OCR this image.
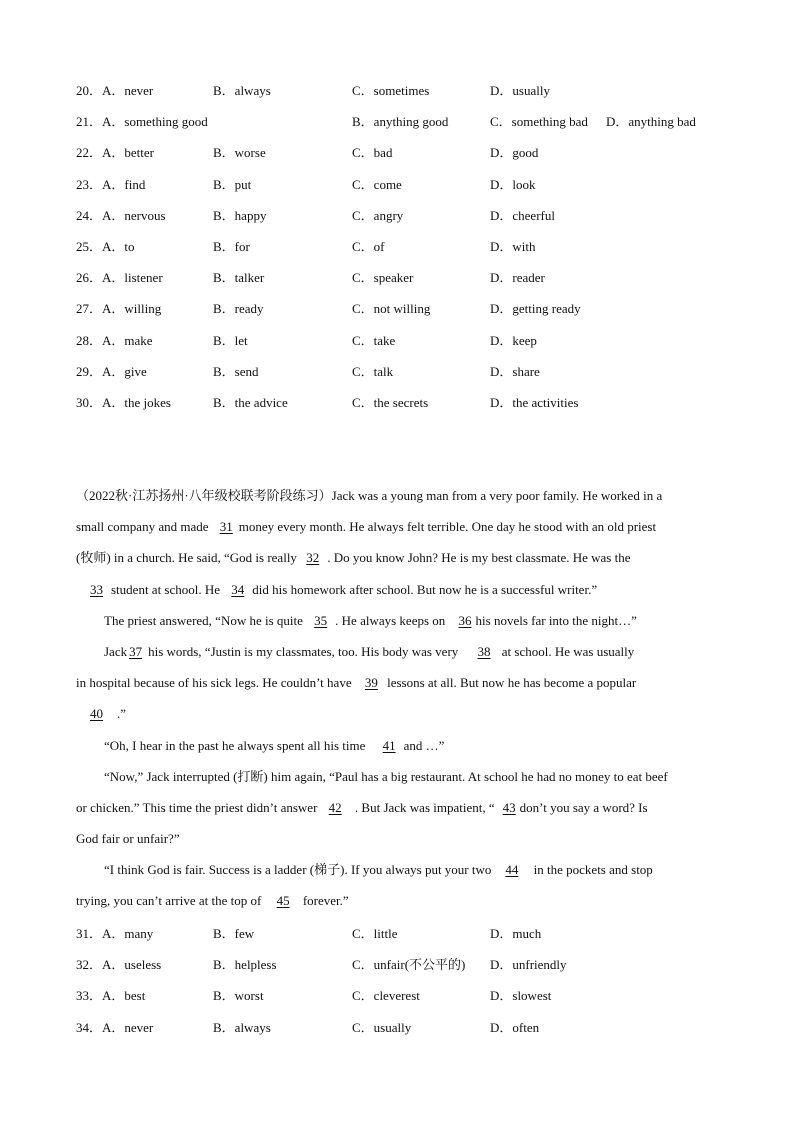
20． A．never	B．always	C．sometimes	D．usually
21． A．something good	B．anything good	C．something bad D．anything bad
22． A．better	B．worse	C．bad	D．good
23． A．find	B．put	C．come	D．look
24． A．nervous	B．happy	C．angry	D．cheerful
25． A．to	B．for	C．of	D．with
26． A．listener	B．talker	C．speaker	D．reader
27． A．willing	B．ready	C．not willing	D．getting ready
28． A．make	B．let	C．take	D．keep
29． A．give	B．send	C．talk	D．share
30． A．the jokes	B．the advice	C．the secrets	D．the activities
（2022秋·江苏扬州·八年级校联考阶段练习）Jack was a young man from a very poor family. He worked in a
small company and made 31 money every month. He always felt terrible. One day he stood with an old priest
(牧师) in a church. He said, “God is really 32 . Do you know John? He is my best classmate. He was the
33 student at school. He 34 did his homework after school. But now he is a successful writer.”
The priest answered, “Now he is quite 35 . He always keeps on 36 his novels far into the night…”
Jack 37 his words, “Justin is my classmates, too. His body was very 38 at school. He was usually
in hospital because of his sick legs. He couldn’t have 39 lessons at all. But now he has become a popular
40 .”
“Oh, I hear in the past he always spent all his time 41 and …”
“Now,” Jack interrupted (打断) him again, “Paul has a big restaurant. At school he had no money to eat beef
or chicken.” This time the priest didn’t answer 42 . But Jack was impatient, “ 43 don’t you say a word? Is
God fair or unfair?”
“I think God is fair. Success is a ladder (梯子). If you always put your two 44 in the pockets and stop
trying, you can’t arrive at the top of 45 forever.”
31． A．many	B．few	C．little	D．much
32． A．useless	B．helpless	C．unfair(不公平的) D．unfriendly
33． A．best	B．worst	C．cleverest	D．slowest
34． A．never	B．always	C．usually	D．often
